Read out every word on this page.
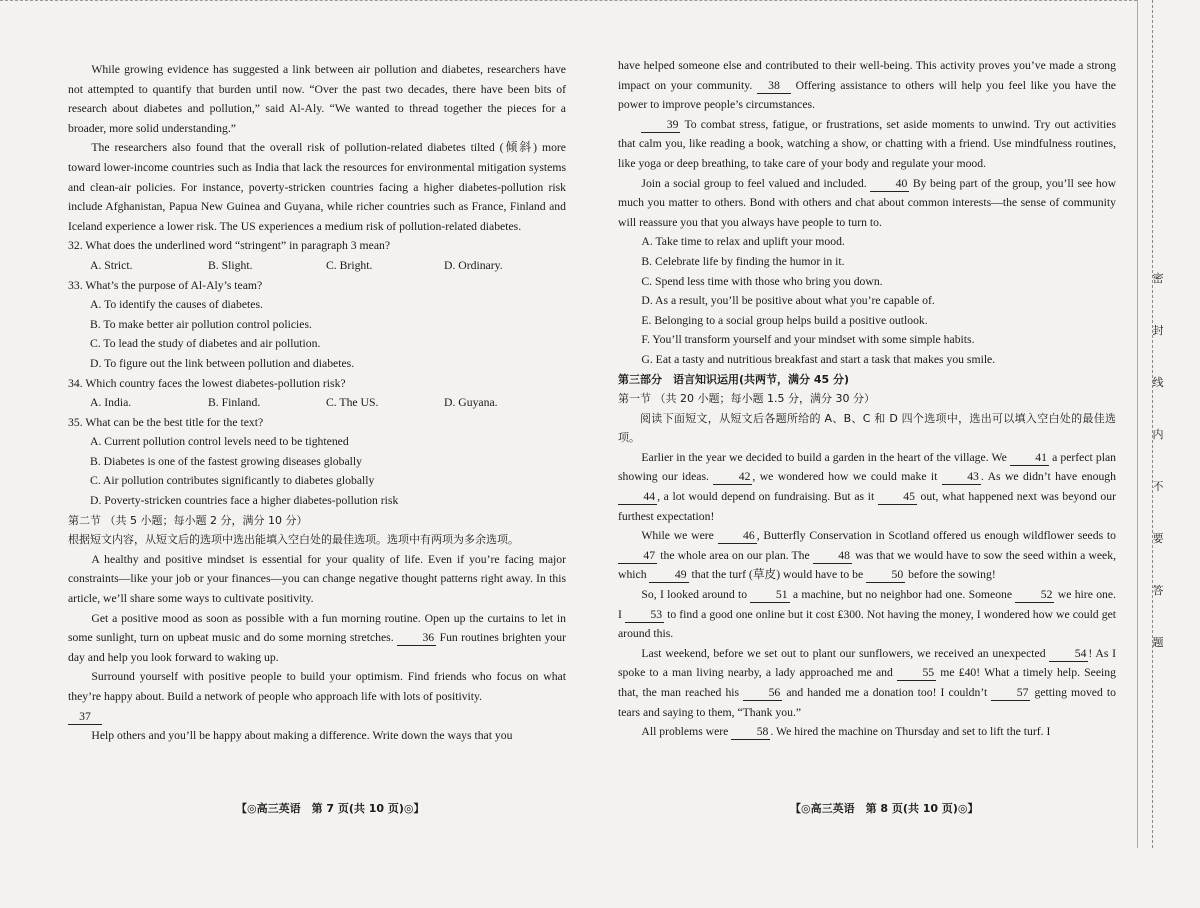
While growing evidence has suggested a link between air pollution and diabetes, researchers have not attempted to quantify that burden until now. “Over the past two decades, there have been bits of research about diabetes and pollution,” said Al-Aly. “We wanted to thread together the pieces for a broader, more solid understanding.”

The researchers also found that the overall risk of pollution-related diabetes tilted (倾斜) more toward lower-income countries such as India that lack the resources for environmental mitigation systems and clean-air policies. For instance, poverty-stricken countries facing a higher diabetes-pollution risk include Afghanistan, Papua New Guinea and Guyana, while richer countries such as France, Finland and Iceland experience a lower risk. The US experiences a medium risk of pollution-related diabetes.

32. What does the underlined word “stringent” in paragraph 3 mean?

A. Strict.	B. Slight.	C. Bright.	D. Ordinary.

33. What’s the purpose of Al-Aly’s team?

A. To identify the causes of diabetes.

B. To make better air pollution control policies.

C. To lead the study of diabetes and air pollution.

D. To figure out the link between pollution and diabetes.

34. Which country faces the lowest diabetes-pollution risk?

A. India.	B. Finland.	C. The US.	D. Guyana.

35. What can be the best title for the text?

A. Current pollution control levels need to be tightened

B. Diabetes is one of the fastest growing diseases globally

C. Air pollution contributes significantly to diabetes globally

D. Poverty-stricken countries face a higher diabetes-pollution risk

第二节 （共 5 小题；每小题 2 分，满分 10 分）

根据短文内容，从短文后的选项中选出能填入空白处的最佳选项。选项中有两项为多余选项。

A healthy and positive mindset is essential for your quality of life. Even if you’re facing major constraints—like your job or your finances—you can change negative thought patterns right away. In this article, we’ll share some ways to cultivate positivity.

Get a positive mood as soon as possible with a fun morning routine. Open up the curtains to let in some sunlight, turn on upbeat music and do some morning stretches. 36 Fun routines brighten your day and help you look forward to waking up.

Surround yourself with positive people to build your optimism. Find friends who focus on what they’re happy about. Build a network of people who approach life with lots of positivity.

37

Help others and you’ll be happy about making a difference. Write down the ways that you

【◎高三英语　第 7 页(共 10 页)◎】

have helped someone else and contributed to their well-being. This activity proves you’ve made a strong impact on your community. 38 Offering assistance to others will help you feel like you have the power to improve people’s circumstances.

39 To combat stress, fatigue, or frustrations, set aside moments to unwind. Try out activities that calm you, like reading a book, watching a show, or chatting with a friend. Use mindfulness routines, like yoga or deep breathing, to take care of your body and regulate your mood.

Join a social group to feel valued and included. 40 By being part of the group, you’ll see how much you matter to others. Bond with others and chat about common interests—the sense of community will reassure you that you always have people to turn to.

A. Take time to relax and uplift your mood.

B. Celebrate life by finding the humor in it.

C. Spend less time with those who bring you down.

D. As a result, you’ll be positive about what you’re capable of.

E. Belonging to a social group helps build a positive outlook.

F. You’ll transform yourself and your mindset with some simple habits.

G. Eat a tasty and nutritious breakfast and start a task that makes you smile.

第三部分　语言知识运用(共两节，满分 45 分)

第一节 （共 20 小题；每小题 1.5 分，满分 30 分）

阅读下面短文，从短文后各题所给的 A、B、C 和 D 四个选项中，选出可以填入空白处的最佳选项。

Earlier in the year we decided to build a garden in the heart of the village. We 41 a perfect plan showing our ideas. 42 , we wondered how we could make it 43 . As we didn’t have enough 44 , a lot would depend on fundraising. But as it 45 out, what happened next was beyond our furthest expectation!

While we were 46 , Butterfly Conservation in Scotland offered us enough wildflower seeds to 47 the whole area on our plan. The 48 was that we would have to sow the seed within a week, which 49 that the turf (草皮) would have to be 50 before the sowing!

So, I looked around to 51 a machine, but no neighbor had one. Someone 52 we hire one. I 53 to find a good one online but it cost ₤300. Not having the money, I wondered how we could get around this.

Last weekend, before we set out to plant our sunflowers, we received an unexpected 54 ! As I spoke to a man living nearby, a lady approached me and 55 me ₤40! What a timely help. Seeing that, the man reached his 56 and handed me a donation too! I couldn’t 57 getting moved to tears and saying to them, “Thank you.”

All problems were 58 . We hired the machine on Thursday and set to lift the turf. I

【◎高三英语　第 8 页(共 10 页)◎】
密
封
线
内
不
要
答
题
